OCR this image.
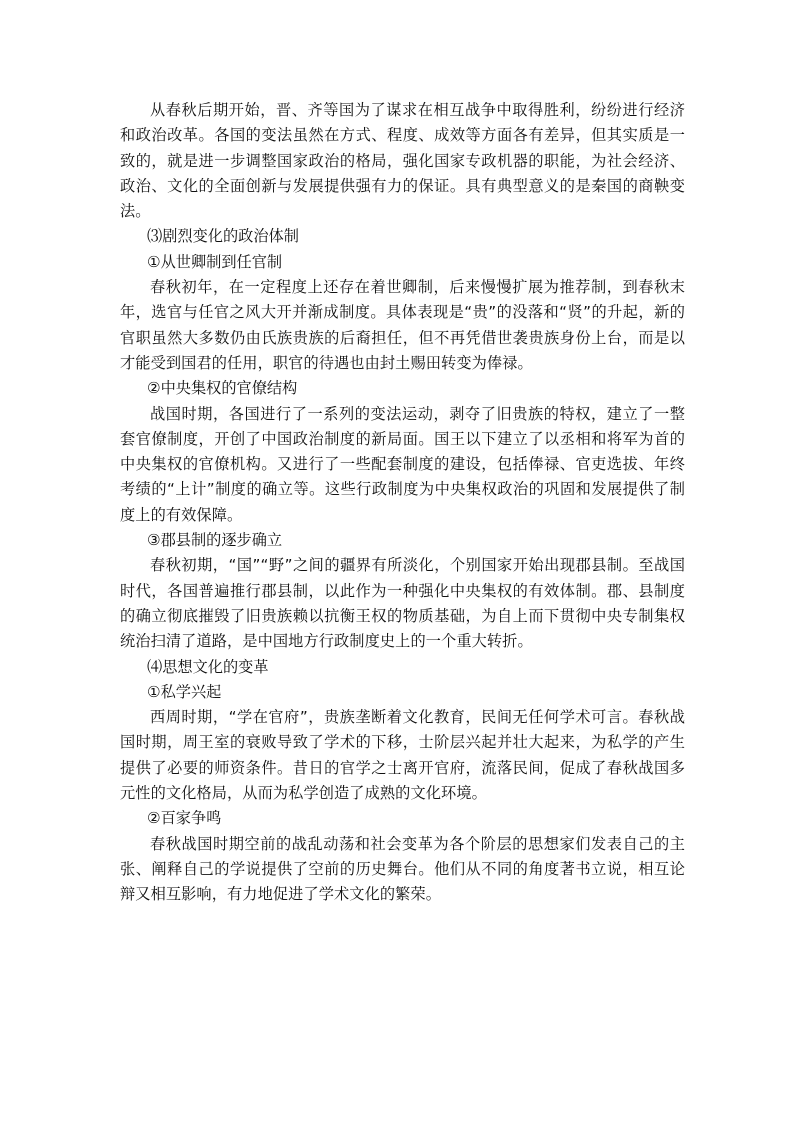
从春秋后期开始，晋、齐等国为了谋求在相互战争中取得胜利，纷纷进行经济和政治改革。各国的变法虽然在方式、程度、成效等方面各有差异，但其实质是一致的，就是进一步调整国家政治的格局，强化国家专政机器的职能，为社会经济、政治、文化的全面创新与发展提供强有力的保证。具有典型意义的是秦国的商鞅变法。

⑶剧烈变化的政治体制

①从世卿制到任官制

春秋初年，在一定程度上还存在着世卿制，后来慢慢扩展为推荐制，到春秋末年，选官与任官之风大开并渐成制度。具体表现是“贵”的没落和“贤”的升起，新的官职虽然大多数仍由氏族贵族的后裔担任，但不再凭借世袭贵族身份上台，而是以才能受到国君的任用，职官的待遇也由封土赐田转变为俸禄。

②中央集权的官僚结构

战国时期，各国进行了一系列的变法运动，剥夺了旧贵族的特权，建立了一整套官僚制度，开创了中国政治制度的新局面。国王以下建立了以丞相和将军为首的中央集权的官僚机构。又进行了一些配套制度的建设，包括俸禄、官吏选拔、年终考绩的“上计”制度的确立等。这些行政制度为中央集权政治的巩固和发展提供了制度上的有效保障。

③郡县制的逐步确立

春秋初期，“国”“野”之间的疆界有所淡化，个别国家开始出现郡县制。至战国时代，各国普遍推行郡县制，以此作为一种强化中央集权的有效体制。郡、县制度的确立彻底摧毁了旧贵族赖以抗衡王权的物质基础，为自上而下贯彻中央专制集权统治扫清了道路，是中国地方行政制度史上的一个重大转折。

⑷思想文化的变革

①私学兴起

西周时期，“学在官府”，贵族垄断着文化教育，民间无任何学术可言。春秋战国时期，周王室的衰败导致了学术的下移，士阶层兴起并壮大起来，为私学的产生提供了必要的师资条件。昔日的官学之士离开官府，流落民间，促成了春秋战国多元性的文化格局，从而为私学创造了成熟的文化环境。

②百家争鸣

春秋战国时期空前的战乱动荡和社会变革为各个阶层的思想家们发表自己的主张、阐释自己的学说提供了空前的历史舞台。他们从不同的角度著书立说，相互论辩又相互影响，有力地促进了学术文化的繁荣。
